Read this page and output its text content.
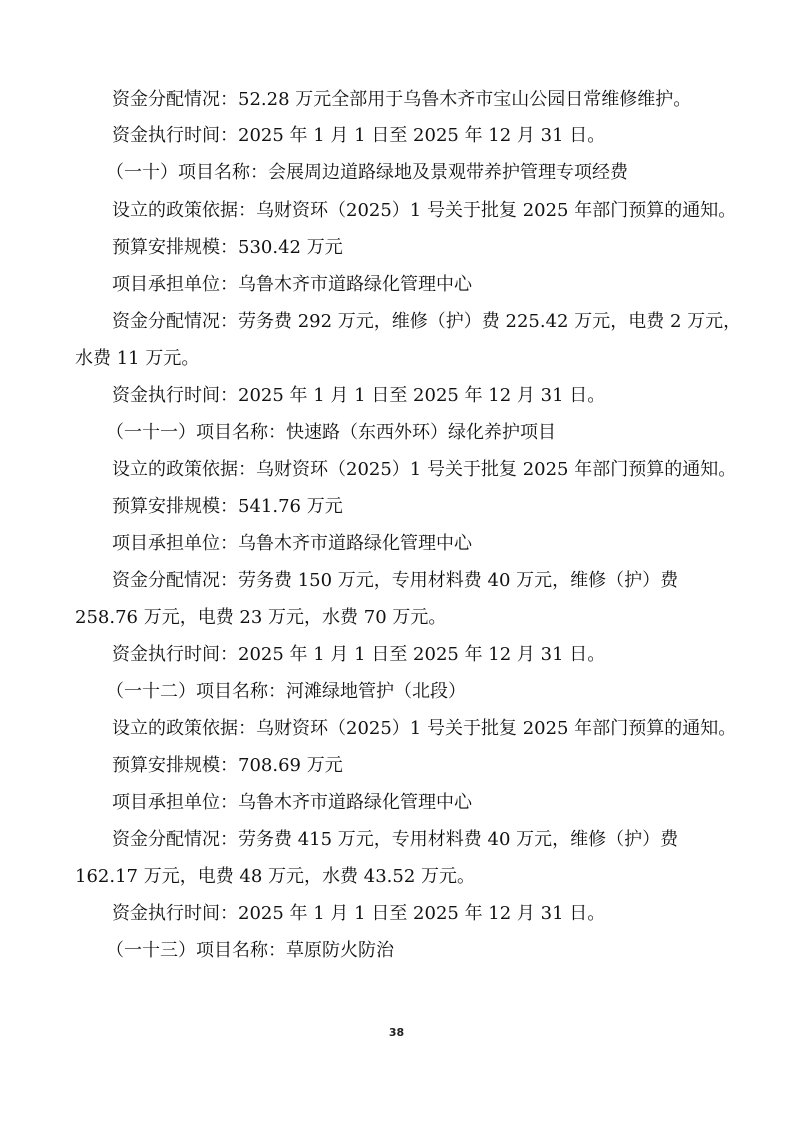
资金分配情况：52.28 万元全部用于乌鲁木齐市宝山公园日常维修维护。
资金执行时间：2025 年 1 月 1 日至 2025 年 12 月 31 日。
（一十）项目名称：会展周边道路绿地及景观带养护管理专项经费
设立的政策依据：乌财资环（2025）1 号关于批复 2025 年部门预算的通知。
预算安排规模：530.42 万元
项目承担单位：乌鲁木齐市道路绿化管理中心
资金分配情况：劳务费 292 万元，维修（护）费 225.42 万元，电费 2 万元，
水费 11 万元。
资金执行时间：2025 年 1 月 1 日至 2025 年 12 月 31 日。
（一十一）项目名称：快速路（东西外环）绿化养护项目
设立的政策依据：乌财资环（2025）1 号关于批复 2025 年部门预算的通知。
预算安排规模：541.76 万元
项目承担单位：乌鲁木齐市道路绿化管理中心
资金分配情况：劳务费 150 万元，专用材料费 40 万元，维修（护）费
258.76 万元，电费 23 万元，水费 70 万元。
资金执行时间：2025 年 1 月 1 日至 2025 年 12 月 31 日。
（一十二）项目名称：河滩绿地管护（北段）
设立的政策依据：乌财资环（2025）1 号关于批复 2025 年部门预算的通知。
预算安排规模：708.69 万元
项目承担单位：乌鲁木齐市道路绿化管理中心
资金分配情况：劳务费 415 万元，专用材料费 40 万元，维修（护）费
162.17 万元，电费 48 万元，水费 43.52 万元。
资金执行时间：2025 年 1 月 1 日至 2025 年 12 月 31 日。
（一十三）项目名称：草原防火防治
38
